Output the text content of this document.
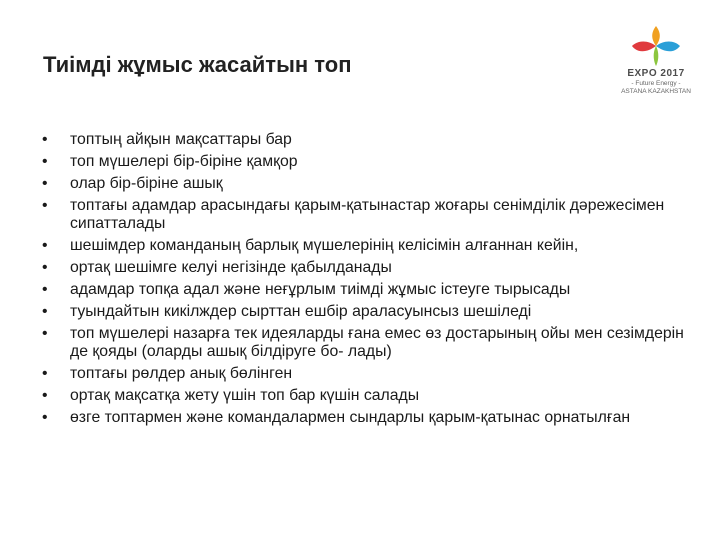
Тиімді жұмыс жасайтын топ	EXPO 2017
- Future Energy -
ASTANA KAZAKHSTAN
• топтың айқын мақсаттары бар
• топ мүшелері бір-біріне қамқор
• олар бір-біріне ашық
• топтағы адамдар арасындағы қарым-қатынастар жоғары сенімділік дәрежесімен сипатталады
• шешімдер команданың барлық мүшелерінің келісімін алғаннан кейін,
• ортақ шешімге келуі негізінде қабылданады
• адамдар топқа адал және неғұрлым тиімді жұмыс істеуге тырысады
• туындайтын кикілждер сырттан ешбір араласуынсыз шешіледі
• топ мүшелері назарға тек идеяларды ғана емес өз достарының ойы мен сезімдерін де қояды (оларды ашық білдіруге бо- лады)
• топтағы рөлдер анық бөлінген
• ортақ мақсатқа жету үшін топ бар күшін салады
• өзге топтармен және командалармен сындарлы қарым-қатынас орнатылған
